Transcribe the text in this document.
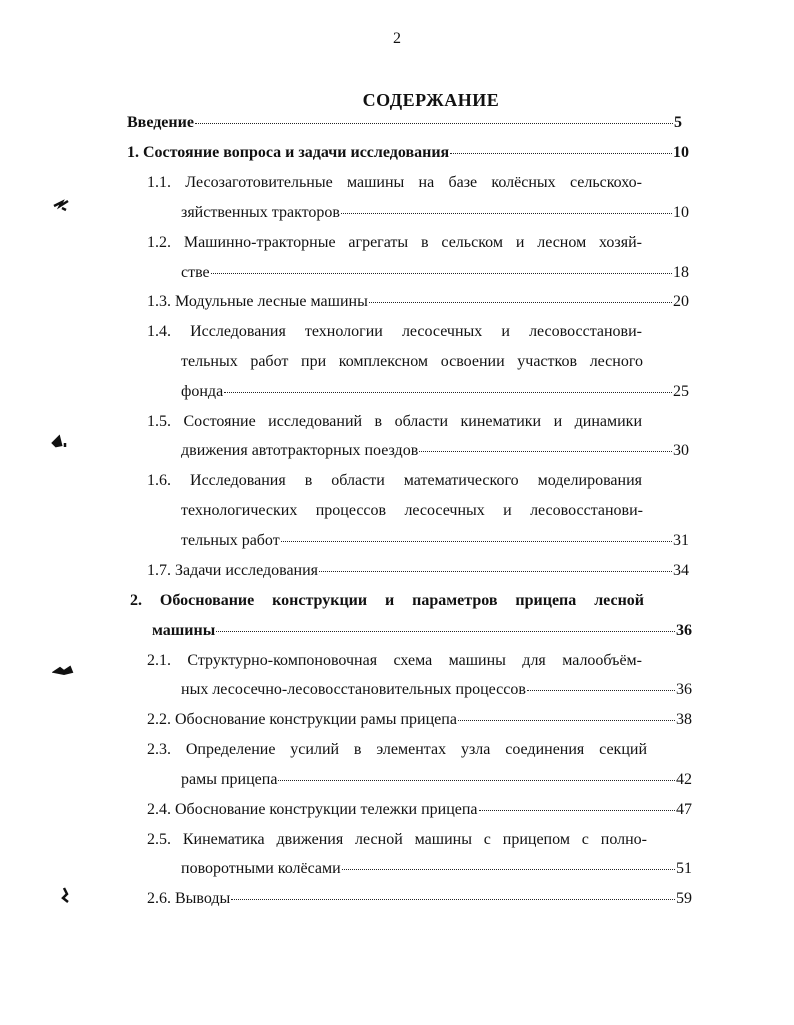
2
СОДЕРЖАНИЕ
Введение	5
1. Состояние вопроса и задачи исследования	10
1.1. Лесозаготовительные машины на базе колёсных сельскохо-
зяйственных тракторов	10
1.2. Машинно-тракторные агрегаты в сельском и лесном хозяй-
стве	18
1.3. Модульные лесные машины	20
1.4. Исследования технологии лесосечных и лесовосстанови-
тельных работ при комплексном освоении участков лесного
фонда	25
1.5. Состояние исследований в области кинематики и динамики
движения автотракторных поездов	30
1.6. Исследования в области математического моделирования
технологических процессов лесосечных и лесовосстанови-
тельных работ	31
1.7. Задачи исследования	34
2. Обоснование конструкции и параметров прицепа лесной
машины	36
2.1. Структурно-компоновочная схема машины для малообъём-
ных лесосечно-лесовосстановительных процессов	36
2.2. Обоснование конструкции рамы прицепа	38
2.3. Определение усилий в элементах узла соединения секций
рамы прицепа	42
2.4. Обоснование конструкции тележки прицепа	47
2.5. Кинематика движения лесной машины с прицепом с полно-
поворотными колёсами	51
2.6. Выводы	59
